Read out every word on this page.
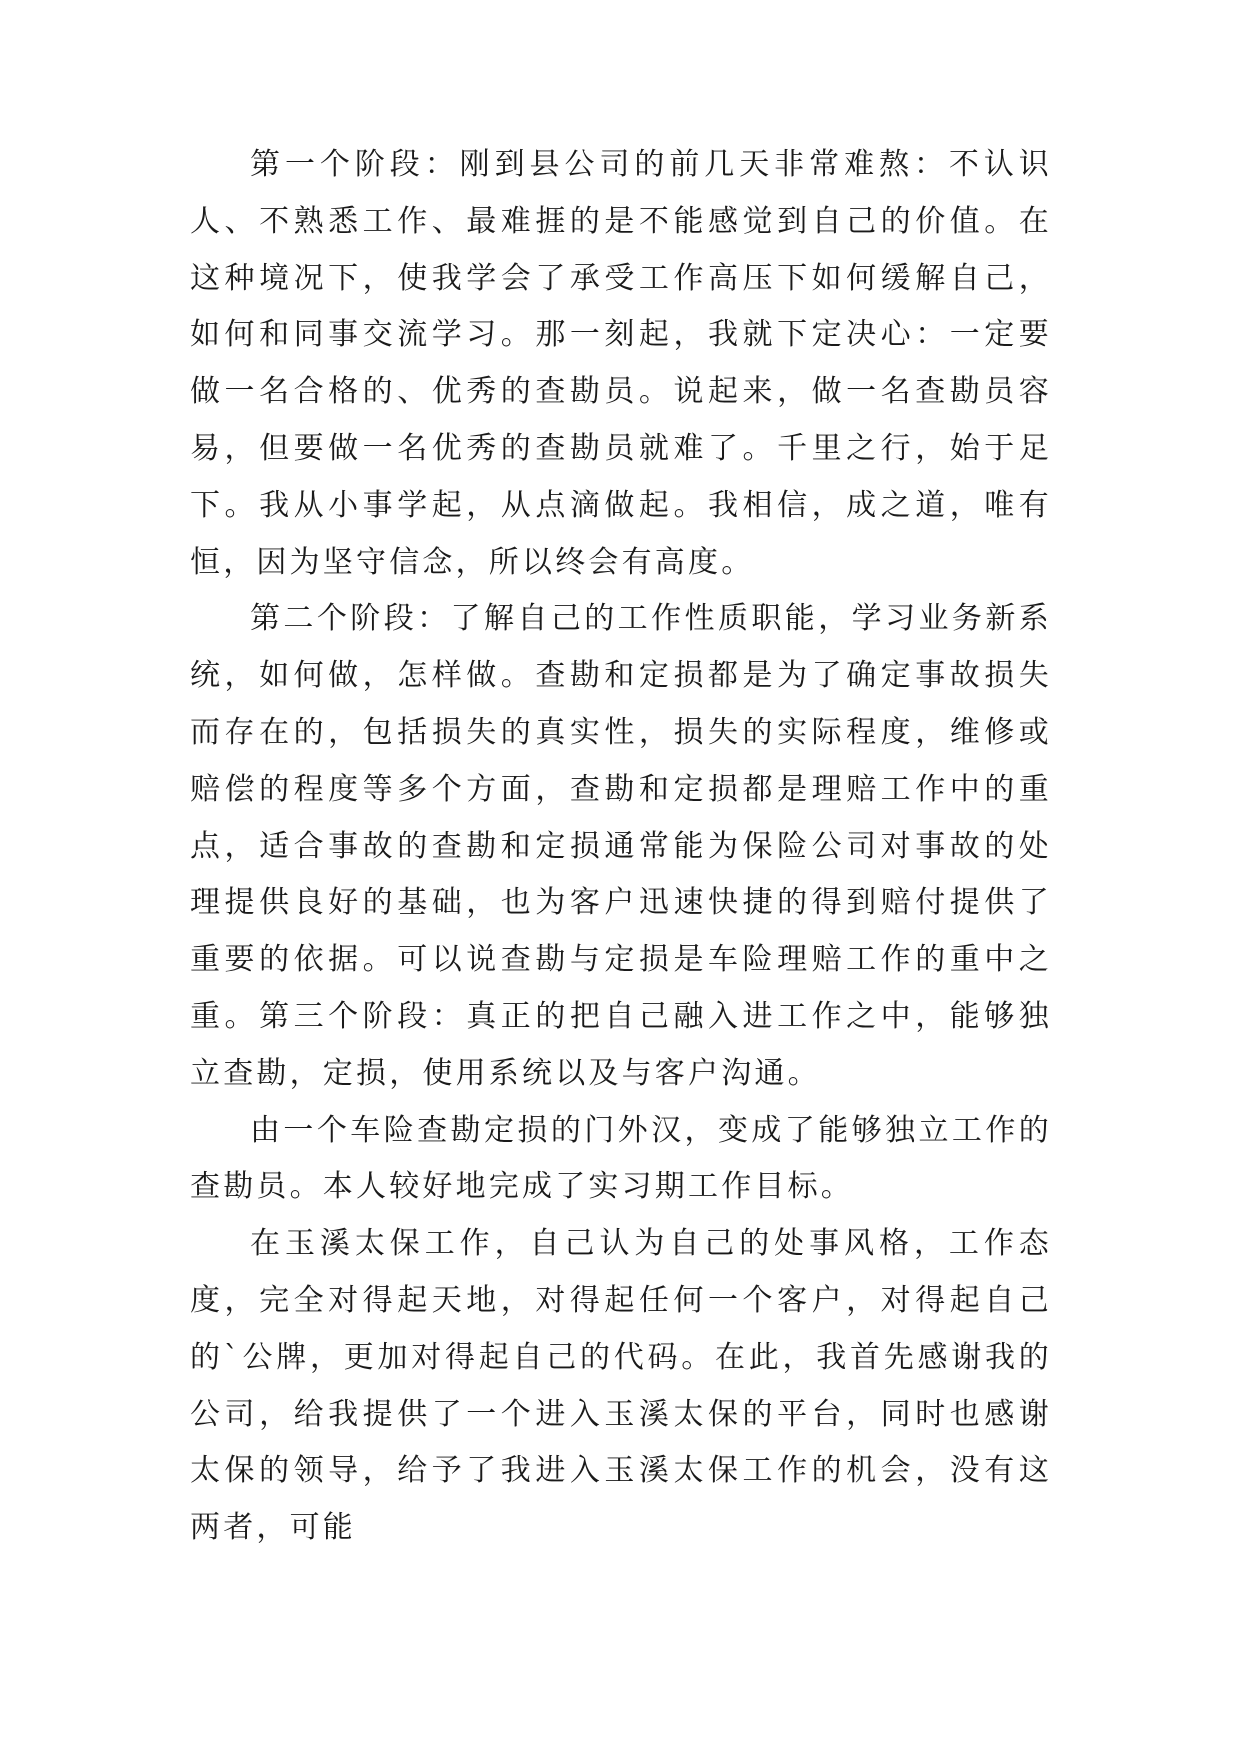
第一个阶段：刚到县公司的前几天非常难熬：不认识人、不熟悉工作、最难捱的是不能感觉到自己的价值。在这种境况下，使我学会了承受工作高压下如何缓解自己，如何和同事交流学习。那一刻起，我就下定决心：一定要做一名合格的、优秀的查勘员。说起来，做一名查勘员容易，但要做一名优秀的查勘员就难了。千里之行，始于足下。我从小事学起，从点滴做起。我相信，成之道，唯有恒，因为坚守信念，所以终会有高度。

第二个阶段：了解自己的工作性质职能，学习业务新系统，如何做，怎样做。查勘和定损都是为了确定事故损失而存在的，包括损失的真实性，损失的实际程度，维修或赔偿的程度等多个方面，查勘和定损都是理赔工作中的重点，适合事故的查勘和定损通常能为保险公司对事故的处理提供良好的基础，也为客户迅速快捷的得到赔付提供了重要的依据。可以说查勘与定损是车险理赔工作的重中之重。第三个阶段：真正的把自己融入进工作之中，能够独立查勘，定损，使用系统以及与客户沟通。

由一个车险查勘定损的门外汉，变成了能够独立工作的查勘员。本人较好地完成了实习期工作目标。

在玉溪太保工作，自己认为自己的处事风格，工作态度，完全对得起天地，对得起任何一个客户，对得起自己的`公牌，更加对得起自己的代码。在此，我首先感谢我的公司，给我提供了一个进入玉溪太保的平台，同时也感谢太保的领导，给予了我进入玉溪太保工作的机会，没有这两者，可能
